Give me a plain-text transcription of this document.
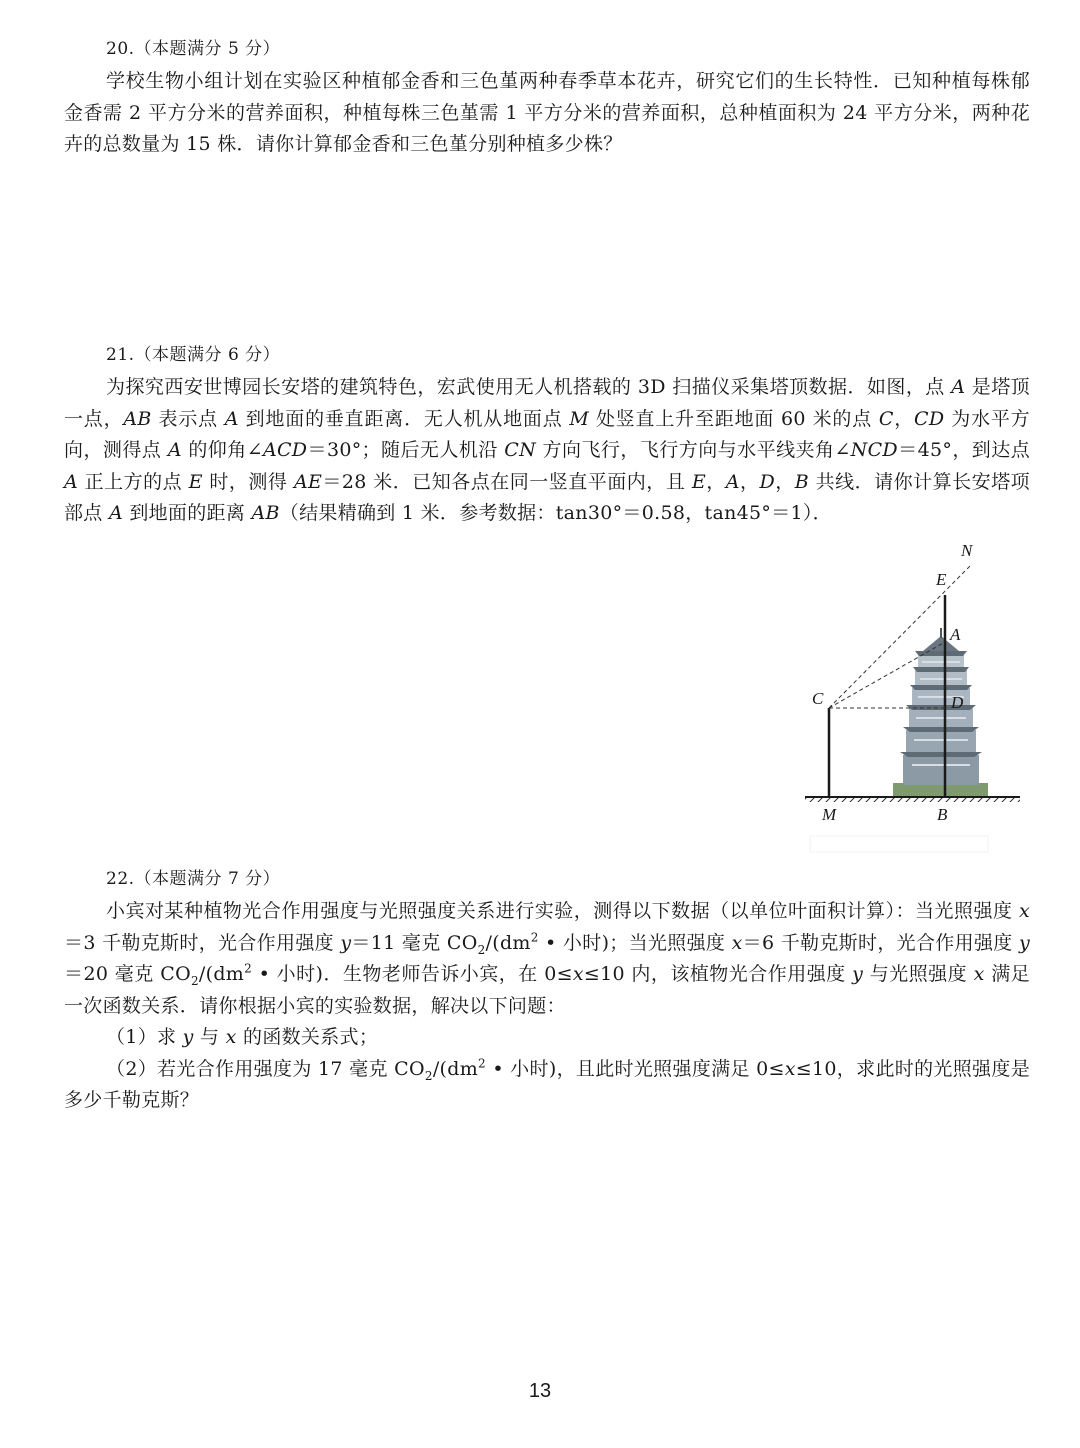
20.（本题满分 5 分）

学校生物小组计划在实验区种植郁金香和三色堇两种春季草本花卉，研究它们的生长特性．已知种植每株郁金香需 2 平方分米的营养面积，种植每株三色堇需 1 平方分米的营养面积，总种植面积为 24 平方分米，两种花卉的总数量为 15 株．请你计算郁金香和三色堇分别种植多少株？

21.（本题满分 6 分）

为探究西安世博园长安塔的建筑特色，宏武使用无人机搭载的 3D 扫描仪采集塔顶数据．如图，点 A 是塔顶一点，AB 表示点 A 到地面的垂直距离．无人机从地面点 M 处竖直上升至距地面 60 米的点 C，CD 为水平方向，测得点 A 的仰角∠ACD＝30°；随后无人机沿 CN 方向飞行，飞行方向与水平线夹角∠NCD＝45°，到达点 A 正上方的点 E 时，测得 AE＝28 米．已知各点在同一竖直平面内，且 E，A，D，B 共线．请你计算长安塔项部点 A 到地面的距离 AB（结果精确到 1 米．参考数据：tan30°＝0.58，tan45°＝1）．

N
E
A
C	D
M	B
22.（本题满分 7 分）

小宾对某种植物光合作用强度与光照强度关系进行实验，测得以下数据（以单位叶面积计算）：当光照强度 x＝3 千勒克斯时，光合作用强度 y＝11 毫克 $CO_2/(dm^2$ • 小时)；当光照强度 x＝6 千勒克斯时，光合作用强度 y＝20 毫克 $CO_2/(dm^2$ • 小时)．生物老师告诉小宾，在 0≤x≤10 内，该植物光合作用强度 y 与光照强度 x 满足一次函数关系．请你根据小宾的实验数据，解决以下问题：

（1）求 y 与 x 的函数关系式；

（2）若光合作用强度为 17 毫克 $CO_2/(dm^2$ • 小时)，且此时光照强度满足 0≤x≤10，求此时的光照强度是多少千勒克斯？

13
